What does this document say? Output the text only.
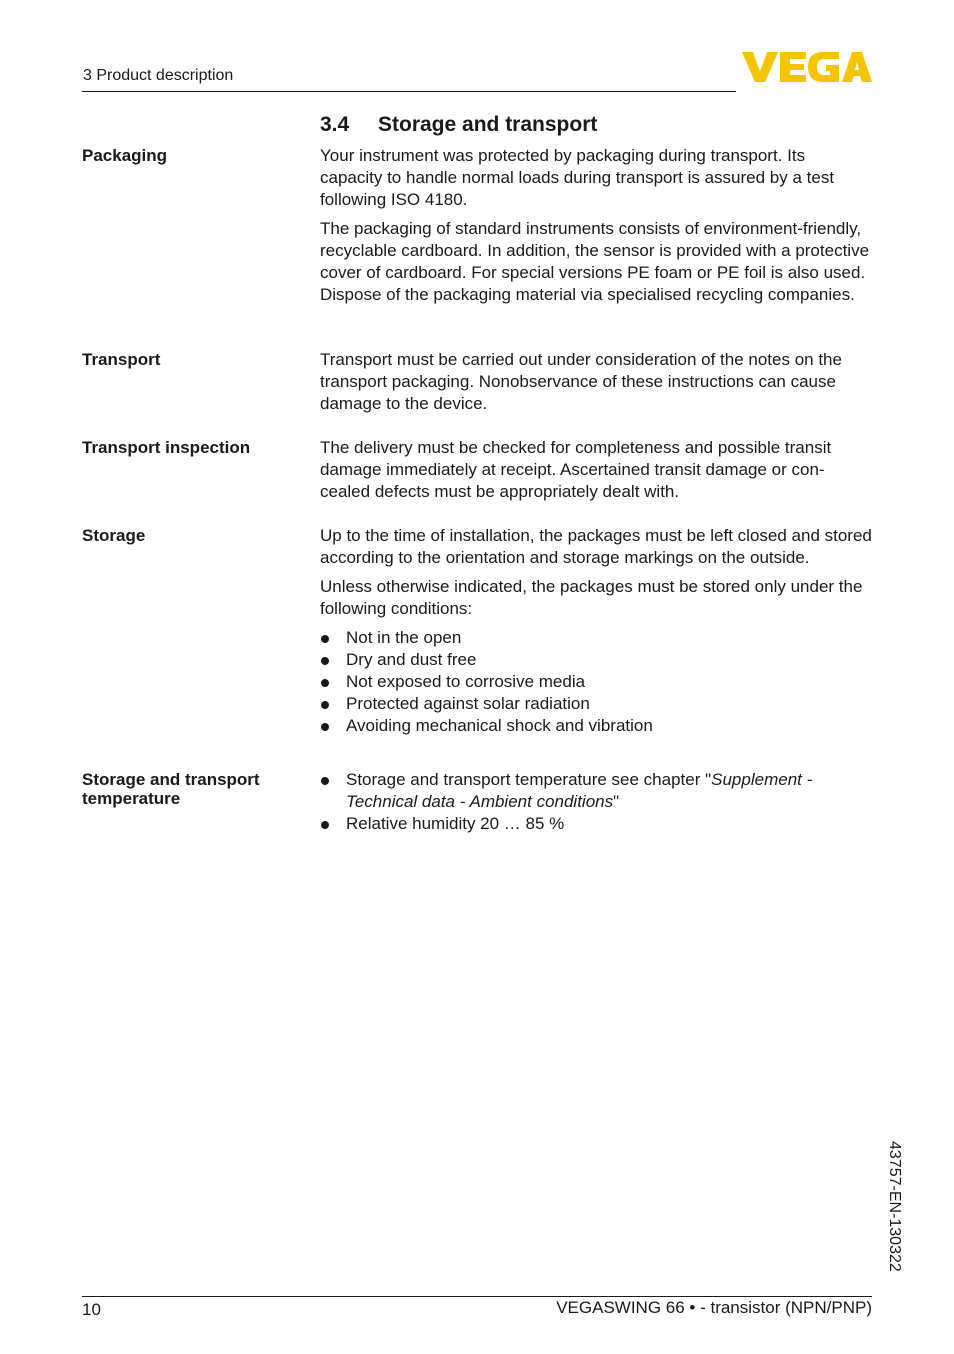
3 Product description
3.4 Storage and transport
Packaging	Your instrument was protected by packaging during transport. Its capacity to handle normal loads during transport is assured by a test following ISO 4180.

The packaging of standard instruments consists of environment-friendly, recyclable cardboard. In addition, the sensor is provided with a protective cover of cardboard. For special versions PE foam or PE foil is also used. Dispose of the packaging material via specialised recycling companies.

Transport	Transport must be carried out under consideration of the notes on the transport packaging. Nonobservance of these instructions can cause damage to the device.

Transport inspection	The delivery must be checked for completeness and possible transit damage immediately at receipt. Ascertained transit damage or con-cealed defects must be appropriately dealt with.

Storage	Up to the time of installation, the packages must be left closed and stored according to the orientation and storage markings on the outside.

Unless otherwise indicated, the packages must be stored only under the following conditions:

Not in the open
Dry and dust free
Not exposed to corrosive media
Protected against solar radiation
Avoiding mechanical shock and vibration
Storage and transport temperature
Storage and transport temperature see chapter "Supplement - Technical data - Ambient conditions"
Relative humidity 20 … 85 %
43757-EN-130322
10	VEGASWING 66 • - transistor (NPN/PNP)
